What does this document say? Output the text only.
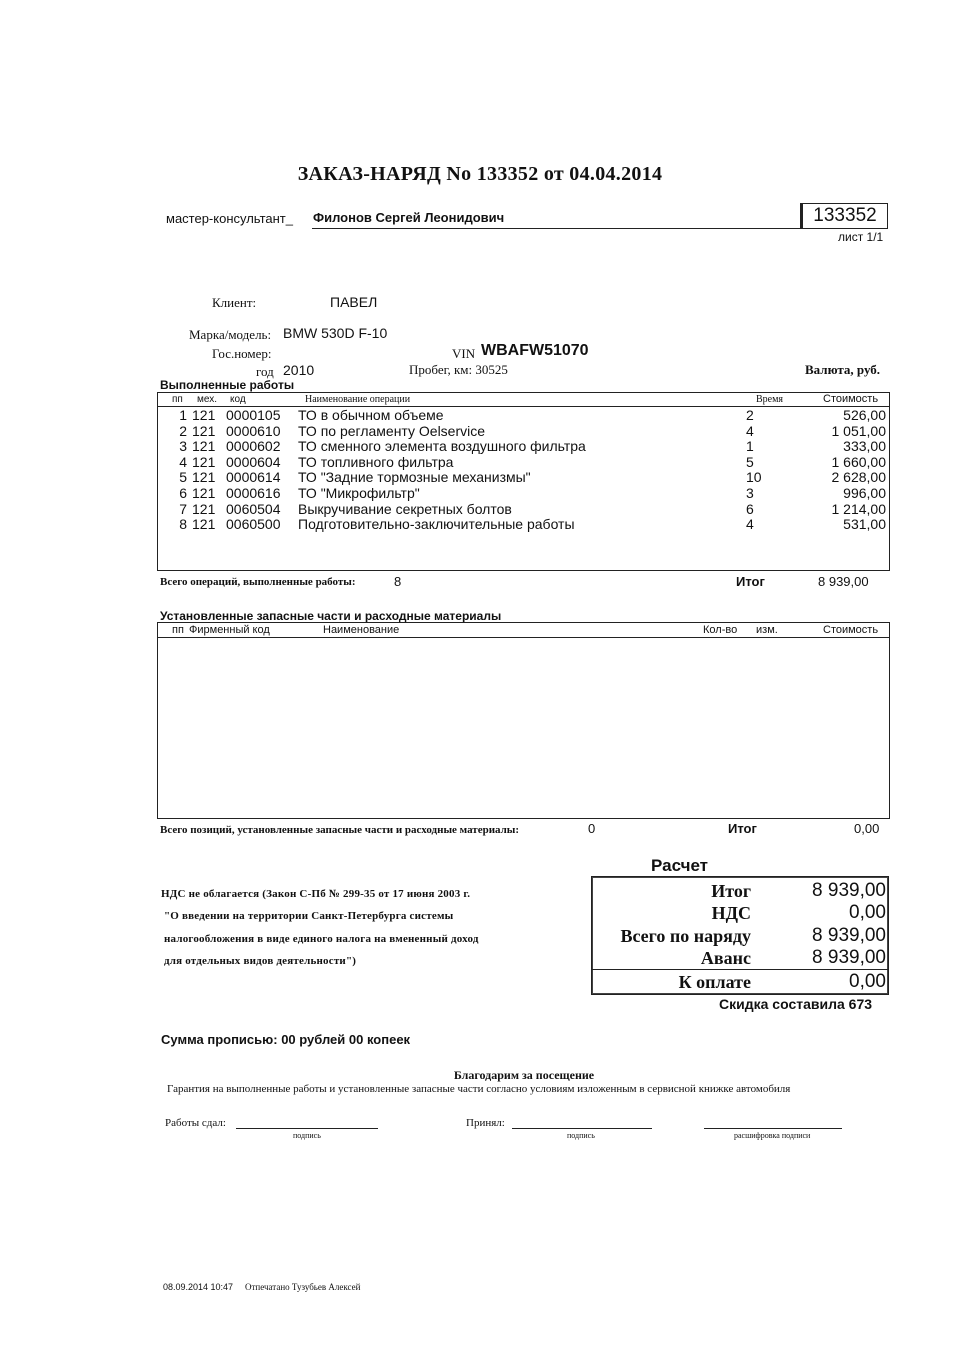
ЗАКАЗ-НАРЯД No 133352 от 04.04.2014
мастер-консультант_ Филонов Сергей Леонидович	133352
лист 1/1
Клиент:	ПАВЕЛ
Марка/модель: BMW 530D F-10
Гос.номер:	VIN WBAFW51070
год 2010	Пробег, км: 30525	Валюта, руб.
Выполненные работы
пп мех. код	Наименование операции	Время	Стоимость
1	121	0000105	ТО в обычном объеме	2	526,00
2	121	0000610	ТО по регламенту Oelservice	4	1 051,00
3	121	0000602	ТО сменного элемента воздушного фильтра	1	333,00
4	121	0000604	ТО топливного фильтра	5	1 660,00
5	121	0000614	ТО "Задние тормозные механизмы"	10	2 628,00
6	121	0000616	ТО "Микрофильтр"	3	996,00
7	121	0060504	Выкручивание секретных болтов	6	1 214,00
8	121	0060500	Подготовительно-заключительные работы	4	531,00
Всего операций, выполненные работы:	8	Итог	8 939,00
Установленные запасные части и расходные материалы
пп Фирменный код	Наименование	Кол-во изм.	Стоимость
Всего позиций, установленные запасные части и расходные материалы:	0	Итог	0,00
НДС не облагается (Закон С-Пб № 299-35 от 17 июня 2003 г.
"О введении на территории Санкт-Петербурга системы
налогообложения в виде единого налога на вмененный доход
для отдельных видов деятельности")
Расчет
Итог	8 939,00
НДС	0,00
Всего по наряду	8 939,00
Аванс	8 939,00
К оплате	0,00
Скидка составила 673
Сумма прописью: 00 рублей 00 копеек
Благодарим за посещение
Гарантия на выполненные работы и установленные запасные части согласно условиям изложенным в сервисной книжке автомобиля
Работы сдал:
подпись
Принял:
подпись	расшифровка подписи
08.09.2014 10:47 Отпечатано Тузубьев Алексей
